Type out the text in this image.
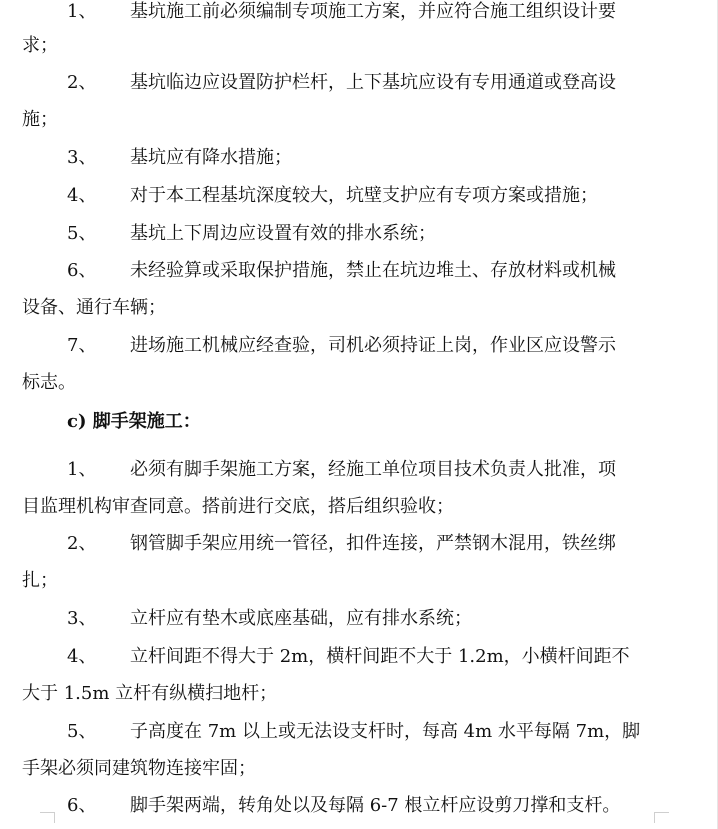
1、 基坑施工前必须编制专项施工方案，并应符合施工组织设计要
求；
2、 基坑临边应设置防护栏杆，上下基坑应设有专用通道或登高设
施；
3、 基坑应有降水措施；
4、 对于本工程基坑深度较大，坑壁支护应有专项方案或措施；
5、 基坑上下周边应设置有效的排水系统；
6、 未经验算或采取保护措施，禁止在坑边堆土、存放材料或机械
设备、通行车辆；
7、 进场施工机械应经查验，司机必须持证上岗，作业区应设警示
标志。
c) 脚手架施工：
1、 必须有脚手架施工方案，经施工单位项目技术负责人批准，项
目监理机构审查同意。搭前进行交底，搭后组织验收；
2、 钢管脚手架应用统一管径，扣件连接，严禁钢木混用，铁丝绑
扎；
3、 立杆应有垫木或底座基础，应有排水系统；
4、 立杆间距不得大于 2m，横杆间距不大于 1.2m，小横杆间距不
大于 1.5m 立杆有纵横扫地杆；
5、 子高度在 7m 以上或无法设支杆时，每高 4m 水平每隔 7m，脚
手架必须同建筑物连接牢固；
6、 脚手架两端，转角处以及每隔 6-7 根立杆应设剪刀撑和支杆。
